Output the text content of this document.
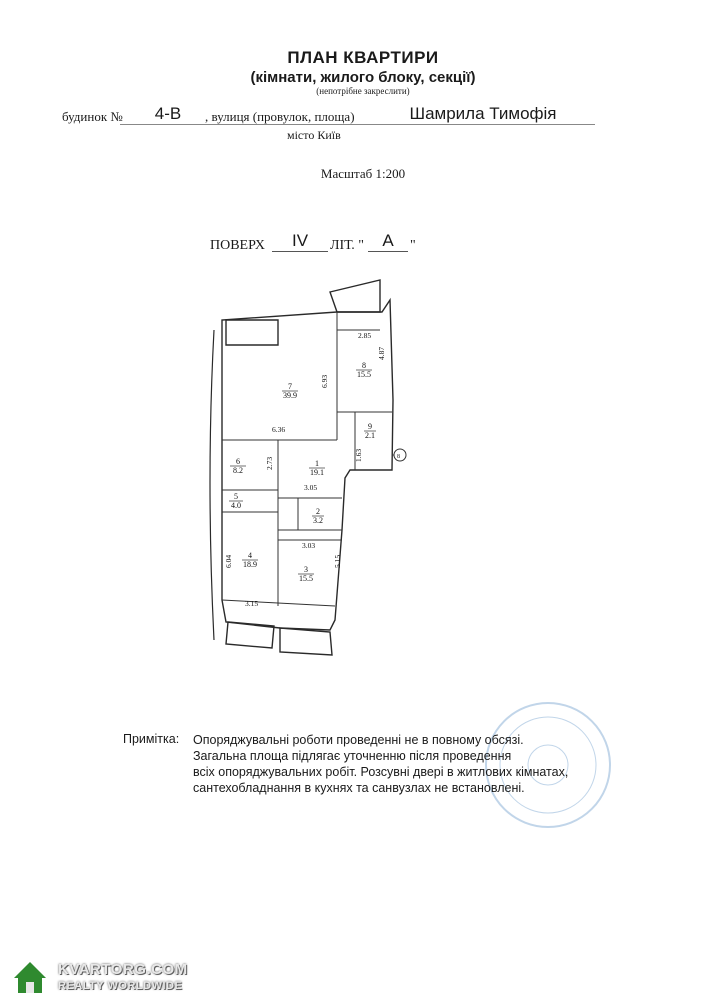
ПЛАН КВАРТИРИ
(кімнати, жилого блоку, секції)
(непотрібне закреслити)
будинок №	4-В	, вулиця (провулок, площа)	Шамрила Тимофія
місто Київ
Масштаб 1:200
ПОВЕРХ	IV	ЛІТ. "	А	"
7
39.9
8
15.5
9
2.1
1
19.1
6
8.2
5
4.0
2
3.2
4
18.9
3
15.5
2.85
4.87
6.93
6.36
2.73
1.63
3.05
3.03
5.15
6.04
3.15
8
Примітка: Опоряджувальні роботи проведенні не в повному обсязі.
Загальна площа підлягає уточненню після проведення
всіх опоряджувальних робіт. Розсувні двері в житлових кімнатах,
сантехобладнання в кухнях та санвузлах не встановлені.
KVARTORG.COM
REALTY WORLDWIDE
